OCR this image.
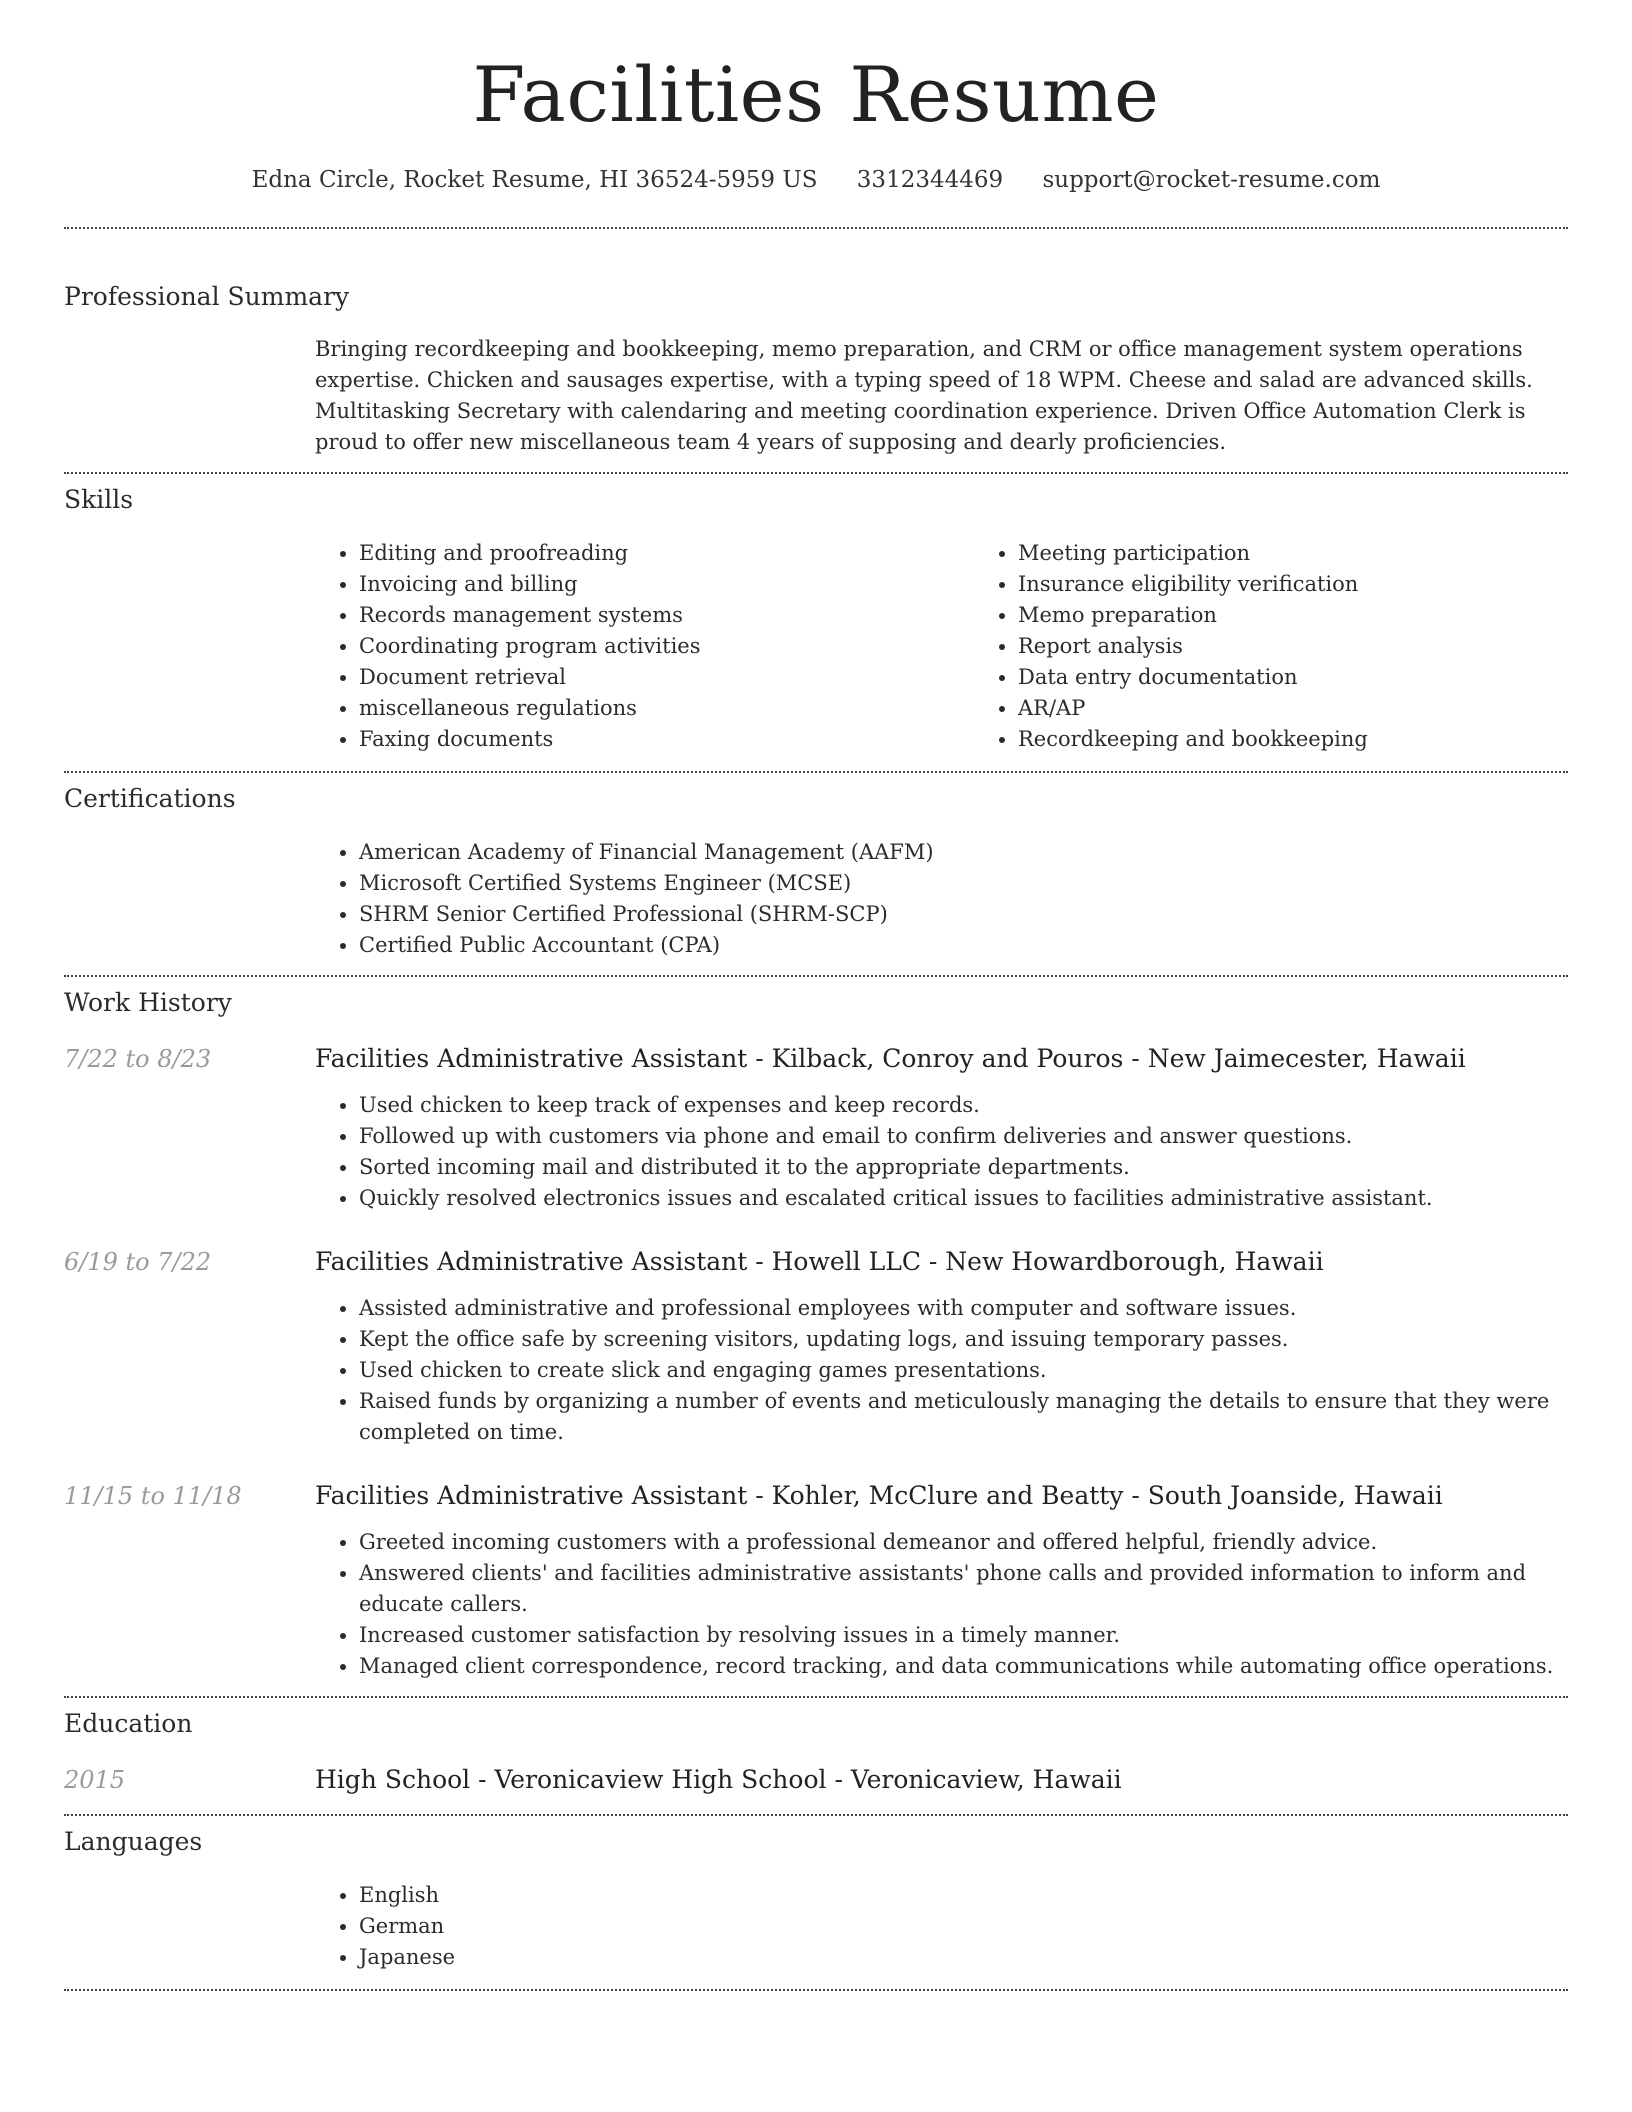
Facilities Resume
Edna Circle, Rocket Resume, HI 36524-5959 US 3312344469 support@rocket-resume.com
Professional Summary
Bringing recordkeeping and bookkeeping, memo preparation, and CRM or office management system operations expertise. Chicken and sausages expertise, with a typing speed of 18 WPM. Cheese and salad are advanced skills. Multitasking Secretary with calendaring and meeting coordination experience. Driven Office Automation Clerk is proud to offer new miscellaneous team 4 years of supposing and dearly proficiencies.
Skills
• Editing and proofreading
• Invoicing and billing
• Records management systems
• Coordinating program activities
• Document retrieval
• miscellaneous regulations
• Faxing documents
• Meeting participation
• Insurance eligibility verification
• Memo preparation
• Report analysis
• Data entry documentation
• AR/AP
• Recordkeeping and bookkeeping
Certifications
• American Academy of Financial Management (AAFM)
• Microsoft Certified Systems Engineer (MCSE)
• SHRM Senior Certified Professional (SHRM-SCP)
• Certified Public Accountant (CPA)
Work History
7/22 to 8/23	Facilities Administrative Assistant - Kilback, Conroy and Pouros - New Jaimecester, Hawaii
• Used chicken to keep track of expenses and keep records.
• Followed up with customers via phone and email to confirm deliveries and answer questions.
• Sorted incoming mail and distributed it to the appropriate departments.
• Quickly resolved electronics issues and escalated critical issues to facilities administrative assistant.
6/19 to 7/22	Facilities Administrative Assistant - Howell LLC - New Howardborough, Hawaii
• Assisted administrative and professional employees with computer and software issues.
• Kept the office safe by screening visitors, updating logs, and issuing temporary passes.
• Used chicken to create slick and engaging games presentations.
• Raised funds by organizing a number of events and meticulously managing the details to ensure that they were completed on time.
11/15 to 11/18	Facilities Administrative Assistant - Kohler, McClure and Beatty - South Joanside, Hawaii
• Greeted incoming customers with a professional demeanor and offered helpful, friendly advice.
• Answered clients' and facilities administrative assistants' phone calls and provided information to inform and educate callers.
• Increased customer satisfaction by resolving issues in a timely manner.
• Managed client correspondence, record tracking, and data communications while automating office operations.
Education
2015	High School - Veronicaview High School - Veronicaview, Hawaii
Languages
• English
• German
• Japanese
